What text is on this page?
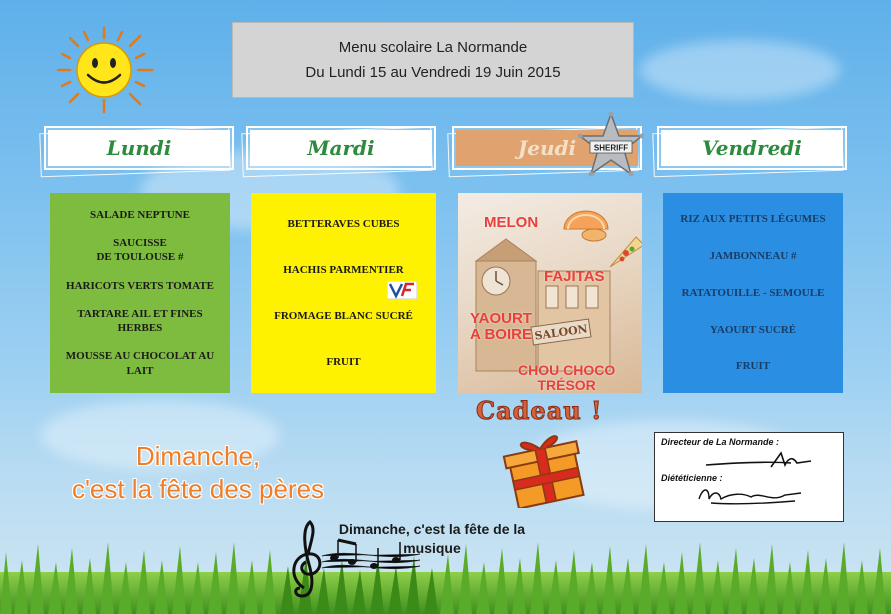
Menu scolaire La Normande
Du Lundi 15 au Vendredi 19 Juin 2015
Lundi	Mardi	Jeudi	SHERIFF	Vendredi
SALADE NEPTUNE
SAUCISSE
DE TOULOUSE #
HARICOTS VERTS TOMATE
TARTARE AIL ET FINES
HERBES
MOUSSE AU CHOCOLAT AU
LAIT
BETTERAVES CUBES
HACHIS PARMENTIER
FROMAGE BLANC SUCRÉ
FRUIT
SALOON
MELON
FAJITAS
YAOURT
A BOIRE
CHOU CHOCO
TRÉSOR
RIZ AUX PETITS LÉGUMES
JAMBONNEAU #
RATATOUILLE - SEMOULE
YAOURT SUCRÉ
FRUIT
Cadeau !
Dimanche,
c'est la fête des pères
Directeur de La Normande :
Diététicienne :
Dimanche, c'est la fête de la musique
